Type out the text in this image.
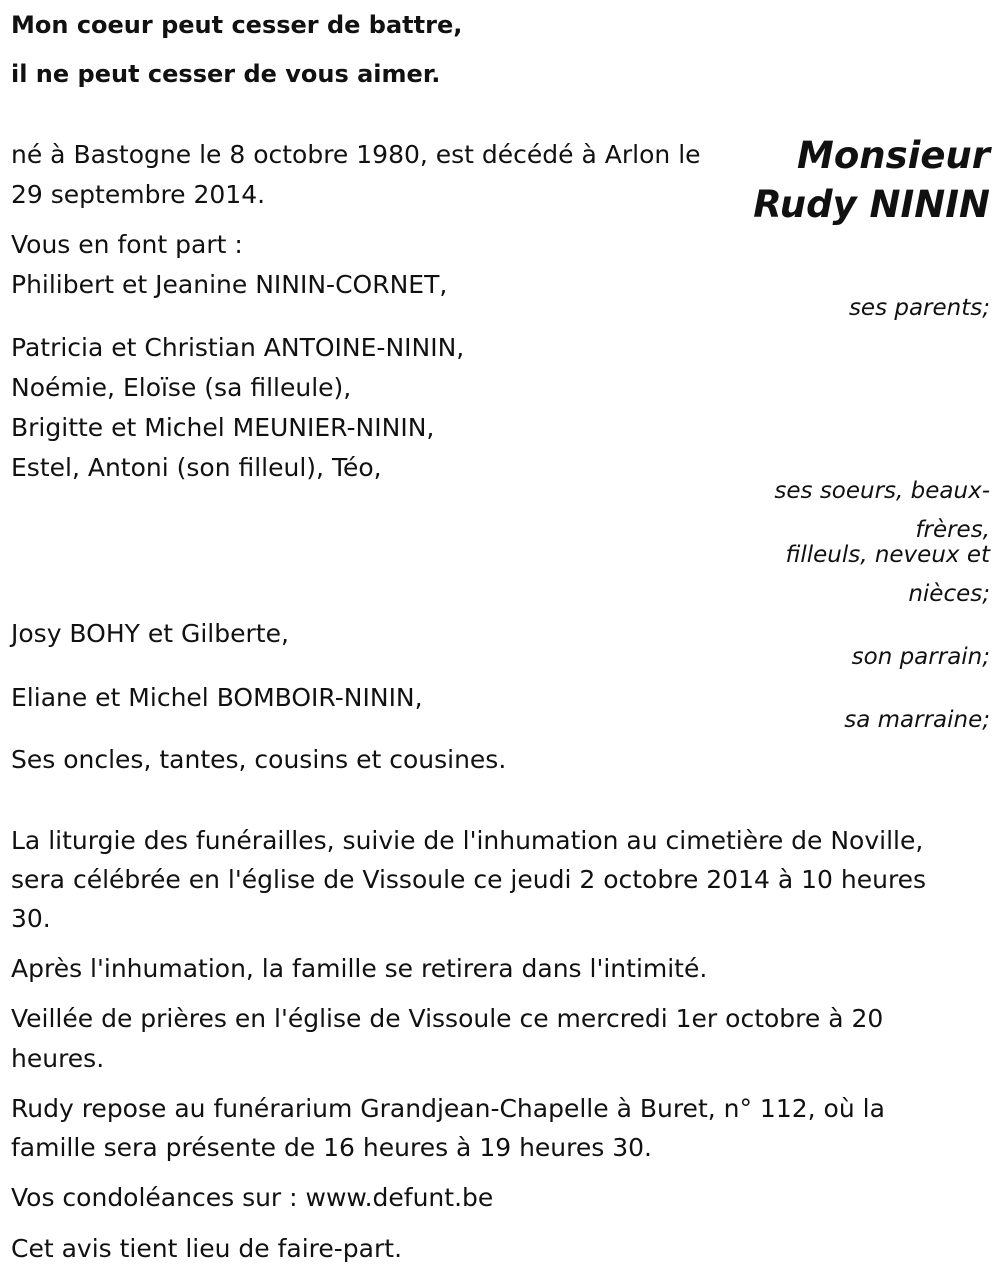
Mon coeur peut cesser de battre,
il ne peut cesser de vous aimer.
Monsieur
Rudy NININ
né à Bastogne le 8 octobre 1980, est décédé à Arlon le
29 septembre 2014.
Vous en font part :
Philibert et Jeanine NININ-CORNET,
ses parents;
Patricia et Christian ANTOINE-NININ,
Noémie, Eloïse (sa filleule),
Brigitte et Michel MEUNIER-NININ,
Estel, Antoni (son filleul), Téo,
ses soeurs, beaux-
frères,
filleuls, neveux et
nièces;
Josy BOHY et Gilberte,
son parrain;
Eliane et Michel BOMBOIR-NININ,
sa marraine;
Ses oncles, tantes, cousins et cousines.
La liturgie des funérailles, suivie de l'inhumation au cimetière de Noville,
sera célébrée en l'église de Vissoule ce jeudi 2 octobre 2014 à 10 heures
30.
Après l'inhumation, la famille se retirera dans l'intimité.
Veillée de prières en l'église de Vissoule ce mercredi 1er octobre à 20
heures.
Rudy repose au funérarium Grandjean-Chapelle à Buret, n° 112, où la
famille sera présente de 16 heures à 19 heures 30.
Vos condoléances sur : www.defunt.be
Cet avis tient lieu de faire-part.
